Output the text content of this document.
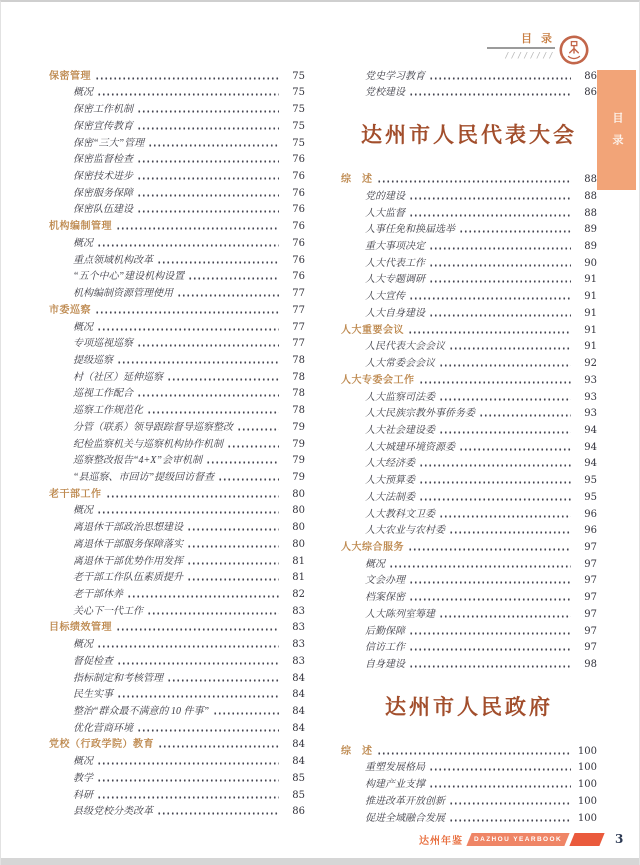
目 录
////////
目录
保密管理	75
概况	75
保密工作机制	75
保密宣传教育	75
保密“三大”管理	75
保密监督检查	76
保密技术进步	76
保密服务保障	76
保密队伍建设	76
机构编制管理	76
概况	76
重点领域机构改革	76
“五个中心”建设机构设置	76
机构编制资源管理使用	77
市委巡察	77
概况	77
专项巡视巡察	77
提级巡察	78
村（社区）延伸巡察	78
巡视工作配合	78
巡察工作规范化	78
分管（联系）领导跟踪督导巡察整改	79
纪检监察机关与巡察机构协作机制	79
巡察整改报告“4+X”会审机制	79
“县巡察、市回访”提级回访督查	79
老干部工作	80
概况	80
离退休干部政治思想建设	80
离退休干部服务保障落实	80
离退休干部优势作用发挥	81
老干部工作队伍素质提升	81
老干部休养	82
关心下一代工作	83
目标绩效管理	83
概况	83
督促检查	83
指标制定和考核管理	84
民生实事	84
整治“群众最不满意的 10 件事”	84
优化营商环境	84
党校（行政学院）教育	84
概况	84
教学	85
科研	85
县级党校分类改革	86
党史学习教育	86
党校建设	86
达州市人民代表大会
综　述	88
党的建设	88
人大监督	88
人事任免和换届选举	89
重大事项决定	89
人大代表工作	90
人大专题调研	91
人大宣传	91
人大自身建设	91
人大重要会议	91
人民代表大会会议	91
人大常委会会议	92
人大专委会工作	93
人大监察司法委	93
人大民族宗教外事侨务委	93
人大社会建设委	94
人大城建环境资源委	94
人大经济委	94
人大预算委	95
人大法制委	95
人大教科文卫委	96
人大农业与农村委	96
人大综合服务	97
概况	97
文会办理	97
档案保密	97
人大陈列室筹建	97
后勤保障	97
信访工作	97
自身建设	98
达州市人民政府
综　述	100
重塑发展格局	100
构建产业支撑	100
推进改革开放创新	100
促进全域融合发展	100
达州年鉴 DAZHOU YEARBOOK	3
